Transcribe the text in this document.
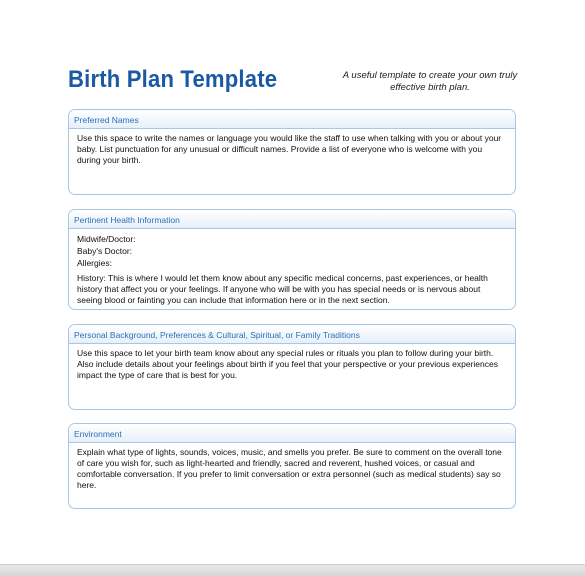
Birth Plan Template	A useful template to create your own truly effective birth plan.
Preferred Names

Use this space to write the names or language you would like the staff to use when talking with you or about your baby. List punctuation for any unusual or difficult names. Provide a list of everyone who is welcome with you during your birth.

Pertinent Health Information
Midwife/Doctor:
Baby's Doctor:
Allergies:

History: This is where I would let them know about any specific medical concerns, past experiences, or health history that affect you or your feelings. If anyone who will be with you has special needs or is nervous about seeing blood or fainting you can include that information here or in the next section.

Personal Background, Preferences & Cultural, Spiritual, or Family Traditions

Use this space to let your birth team know about any special rules or rituals you plan to follow during your birth. Also include details about your feelings about birth if you feel that your perspective or your previous experiences impact the type of care that is best for you.

Environment

Explain what type of lights, sounds, voices, music, and smells you prefer. Be sure to comment on the overall tone of care you wish for, such as light-hearted and friendly, sacred and reverent, hushed voices, or casual and comfortable conversation. If you prefer to limit conversation or extra personnel (such as medical students) say so here.
